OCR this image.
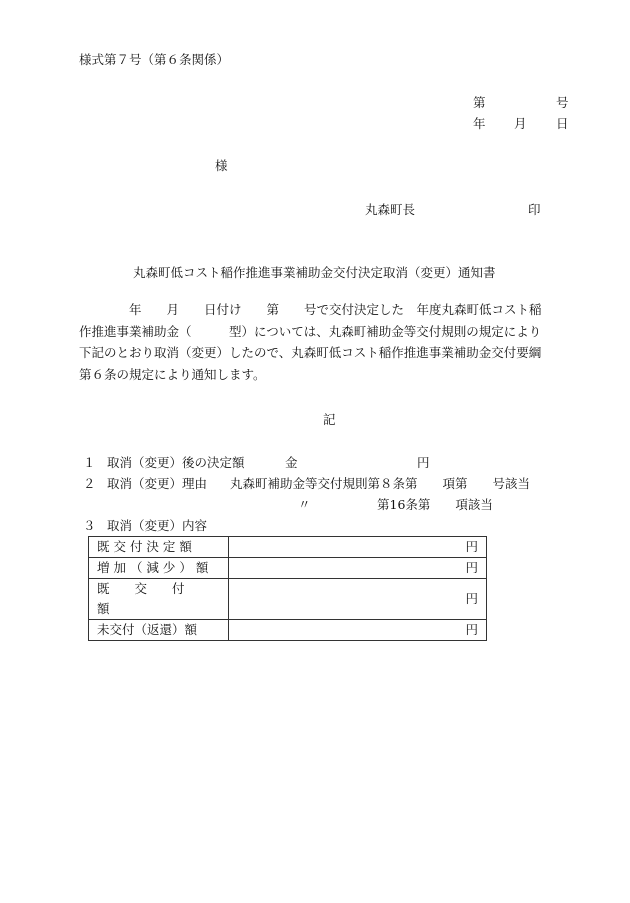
様式第７号（第６条関係）
第	号
年 月 日
様
丸森町長	印
丸森町低コスト稲作推進事業補助金交付決定取消（変更）通知書
　　　　年　　月　　日付け　　第　　号で交付決定した　年度丸森町低コスト稲
作推進事業補助金（　　　型）については、丸森町補助金等交付規則の規定により
下記のとおり取消（変更）したので、丸森町低コスト稲作推進事業補助金交付要綱
第６条の規定により通知します。
記
１ 取消（変更）後の決定額	金	円
２ 取消（変更）理由 丸森町補助金等交付規則第８条第　　項第　　号該当
〃	第16条第　　項該当
３ 取消（変更）内容
既 交 付 決 定 額	円
増 加 （ 減 少 ） 額	円
既　　交　　付　　額	円
未交付（返還）額	円
